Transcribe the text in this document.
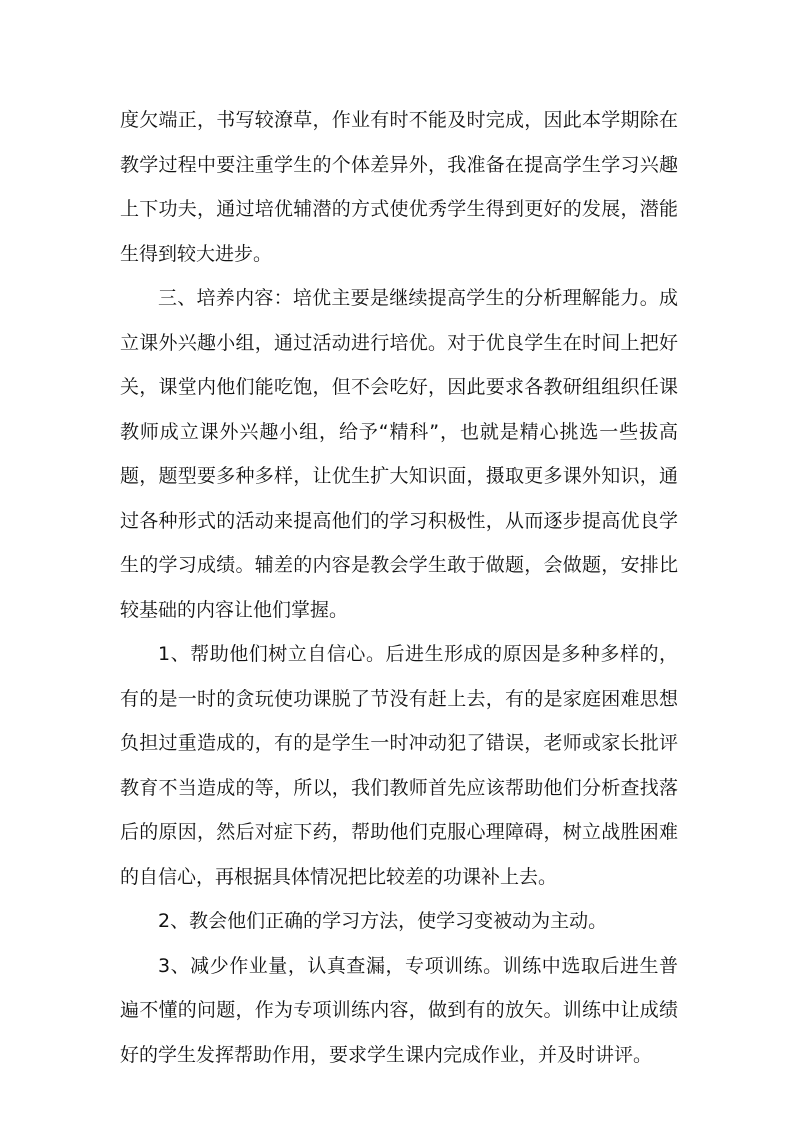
度欠端正，书写较潦草，作业有时不能及时完成，因此本学期除在教学过程中要注重学生的个体差异外，我准备在提高学生学习兴趣上下功夫，通过培优辅潜的方式使优秀学生得到更好的发展，潜能生得到较大进步。

三、培养内容：培优主要是继续提高学生的分析理解能力。成立课外兴趣小组，通过活动进行培优。对于优良学生在时间上把好关，课堂内他们能吃饱，但不会吃好，因此要求各教研组组织任课教师成立课外兴趣小组，给予“精科”，也就是精心挑选一些拔高题，题型要多种多样，让优生扩大知识面，摄取更多课外知识，通过各种形式的活动来提高他们的学习积极性，从而逐步提高优良学生的学习成绩。辅差的内容是教会学生敢于做题，会做题，安排比较基础的内容让他们掌握。

1、帮助他们树立自信心。后进生形成的原因是多种多样的，有的是一时的贪玩使功课脱了节没有赶上去，有的是家庭困难思想负担过重造成的，有的是学生一时冲动犯了错误，老师或家长批评教育不当造成的等，所以，我们教师首先应该帮助他们分析查找落后的原因，然后对症下药，帮助他们克服心理障碍，树立战胜困难的自信心，再根据具体情况把比较差的功课补上去。

2、教会他们正确的学习方法，使学习变被动为主动。

3、减少作业量，认真查漏，专项训练。训练中选取后进生普遍不懂的问题，作为专项训练内容，做到有的放矢。训练中让成绩好的学生发挥帮助作用，要求学生课内完成作业，并及时讲评。
